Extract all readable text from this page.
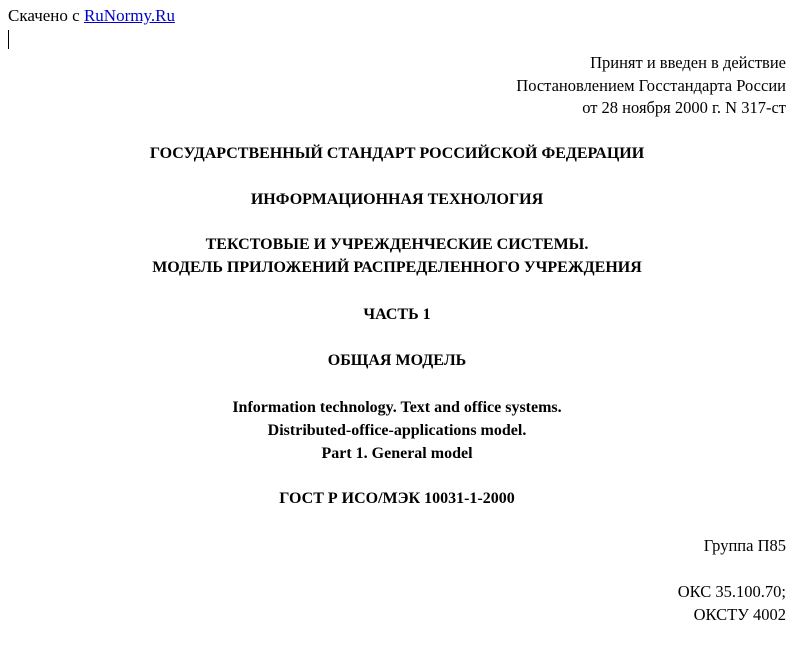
Скачено с RuNormy.Ru
Принят и введен в действие
Постановлением Госстандарта России
от 28 ноября 2000 г. N 317-ст
ГОСУДАРСТВЕННЫЙ СТАНДАРТ РОССИЙСКОЙ ФЕДЕРАЦИИ
ИНФОРМАЦИОННАЯ ТЕХНОЛОГИЯ
ТЕКСТОВЫЕ И УЧРЕЖДЕНЧЕСКИЕ СИСТЕМЫ.
МОДЕЛЬ ПРИЛОЖЕНИЙ РАСПРЕДЕЛЕННОГО УЧРЕЖДЕНИЯ
ЧАСТЬ 1
ОБЩАЯ МОДЕЛЬ
Information technology. Text and office systems.
Distributed-office-applications model.
Part 1. General model
ГОСТ Р ИСО/МЭК 10031-1-2000
Группа П85
ОКС 35.100.70;
ОКСТУ 4002
